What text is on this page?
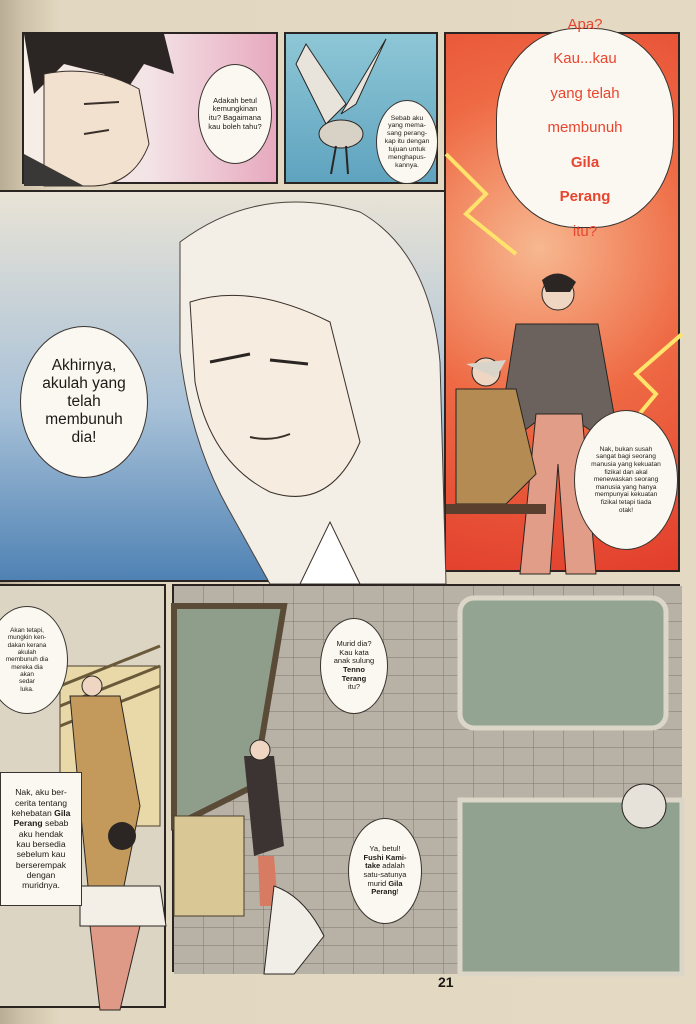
Adakah betul
kemungkinan
itu? Bagaimana
kau boleh tahu?
Sebab aku
yang mema-
sang perang-
kap itu dengan
tujuan untuk
menghapus-
kannya.
Apa?

Kau...kau

yang telah

membunuh

Gila

Perang

itu?
Nak, bukan susah
sangat bagi seorang
manusia yang kekuatan
fizikal dan akal
menewaskan seorang
manusia yang hanya
mempunyai kekuatan
fizikal tetapi tiada
otak!
Akhirnya,
akulah yang
telah
membunuh
dia!
Akan tetapi,
mungkin ken-
dakan kerana
akulah
membunuh dia
mereka dia
akan
sedar
luka.

Nak, aku ber-
cerita tentang
kehebatan Gila
Perang sebab
aku hendak
kau bersedia
sebelum kau
berserempak
dengan
muridnya.

Murid dia?
Kau kata
anak sulung
Tenno
Terang
itu?
Ya, betul!
Fushi Kami-
take adalah
satu-satunya
murid Gila
Perang!
21
